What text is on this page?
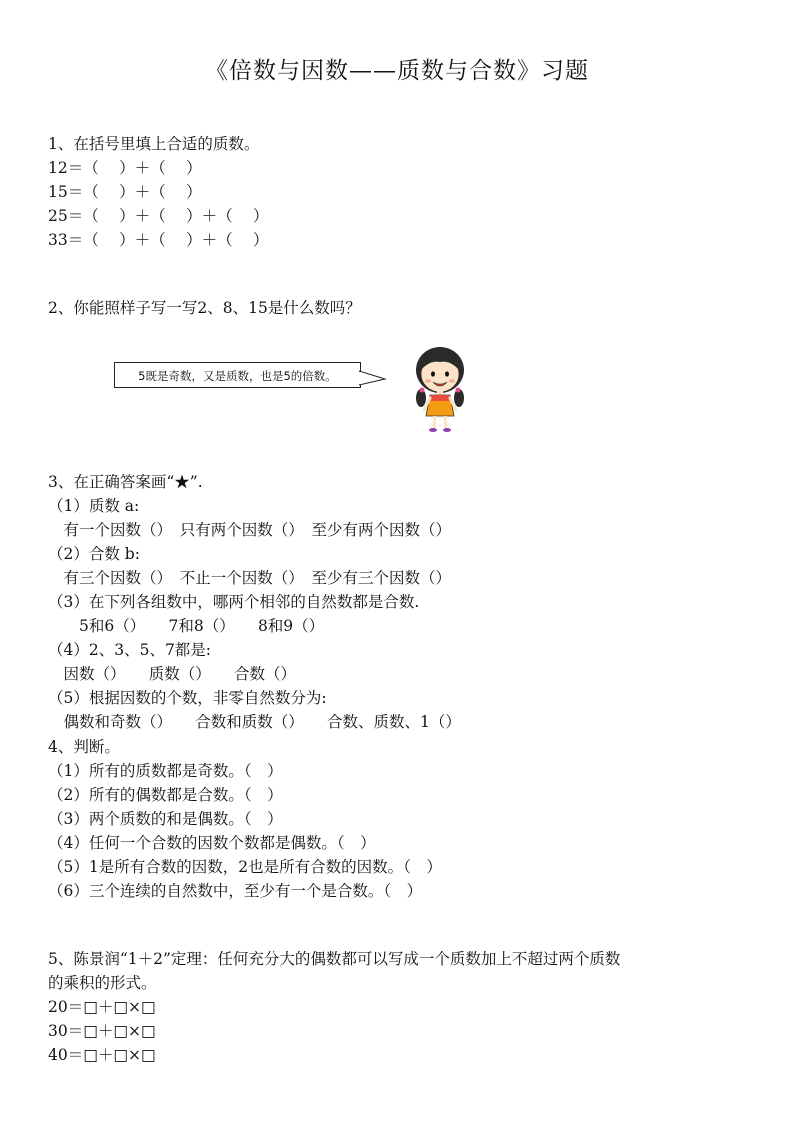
《倍数与因数——质数与合数》习题
1、在括号里填上合适的质数。
12＝（　 ）＋（　 ）
15＝（　 ）＋（　 ）
25＝（　 ）＋（　 ）＋（　 ）
33＝（　 ）＋（　 ）＋（　 ）
2、你能照样子写一写2、8、15是什么数吗？
5既是奇数，又是质数，也是5的倍数。
3、在正确答案画“★”.
（1）质数 a:
　有一个因数（）　只有两个因数（）　至少有两个因数（）
（2）合数 b:
　有三个因数（）　不止一个因数（）　至少有三个因数（）
（3）在下列各组数中，哪两个相邻的自然数都是合数.
　　5和6（）　　7和8（）　　8和9（）
（4）2、3、5、7都是:
　因数（）　　质数（）　　合数（）
（5）根据因数的个数，非零自然数分为:
　偶数和奇数（）　　合数和质数（）　　合数、质数、1（）
4、判断。
（1）所有的质数都是奇数。（　）
（2）所有的偶数都是合数。（　）
（3）两个质数的和是偶数。（　）
（4）任何一个合数的因数个数都是偶数。（　）
（5）1是所有合数的因数，2也是所有合数的因数。（　）
（6）三个连续的自然数中，至少有一个是合数。（　）
5、陈景润“1＋2”定理：任何充分大的偶数都可以写成一个质数加上不超过两个质数
的乘积的形式。
20＝□＋□×□
30＝□＋□×□
40＝□＋□×□
